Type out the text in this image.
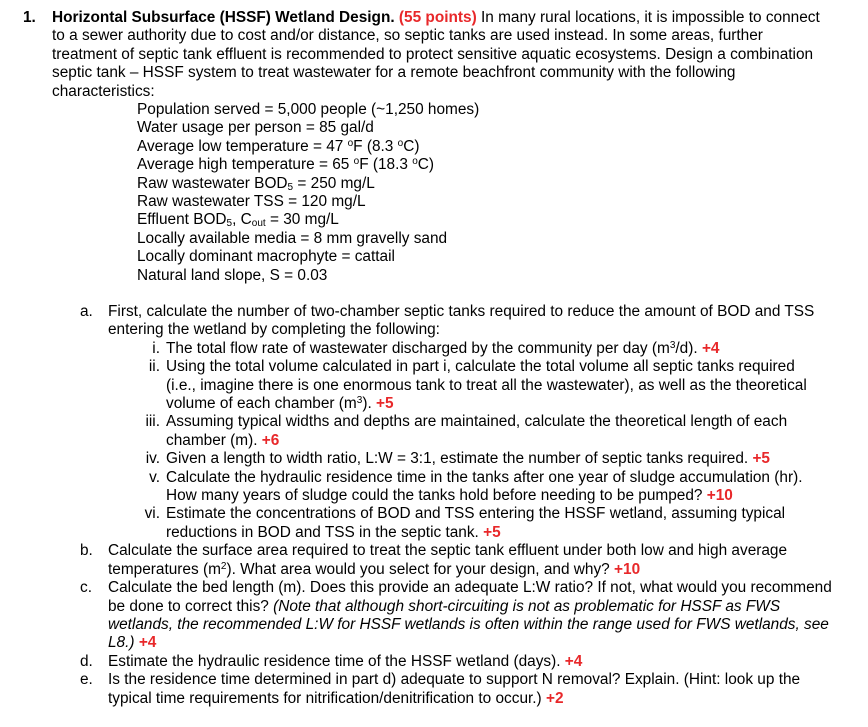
1. Horizontal Subsurface (HSSF) Wetland Design. (55 points) In many rural locations, it is impossible to connect to a sewer authority due to cost and/or distance, so septic tanks are used instead. In some areas, further treatment of septic tank effluent is recommended to protect sensitive aquatic ecosystems. Design a combination septic tank – HSSF system to treat wastewater for a remote beachfront community with the following characteristics:
Population served = 5,000 people (~1,250 homes)
Water usage per person = 85 gal/d
Average low temperature = 47 $^o$F (8.3 $^o$C)
Average high temperature = 65 $^o$F (18.3 $^o$C)
Raw wastewater $BOD_5 = 250$ mg/L
Raw wastewater TSS = 120 mg/L
Effluent $BOD_5$, $C_{out} = 30$ mg/L
Locally available media = 8 mm gravelly sand
Locally dominant macrophyte = cattail
Natural land slope, S = 0.03
a. First, calculate the number of two-chamber septic tanks required to reduce the amount of BOD and TSS entering the wetland by completing the following:
i. The total flow rate of wastewater discharged by the community per day $(m^3/d)$. +4
ii. Using the total volume calculated in part i, calculate the total volume all septic tanks required (i.e., imagine there is one enormous tank to treat all the wastewater), as well as the theoretical volume of each chamber $(m^3)$. +5
iii. Assuming typical widths and depths are maintained, calculate the theoretical length of each chamber (m). +6
iv. Given a length to width ratio, L:W = 3:1, estimate the number of septic tanks required. +5
v. Calculate the hydraulic residence time in the tanks after one year of sludge accumulation (hr). How many years of sludge could the tanks hold before needing to be pumped? +10
vi. Estimate the concentrations of BOD and TSS entering the HSSF wetland, assuming typical reductions in BOD and TSS in the septic tank. +5
b. Calculate the surface area required to treat the septic tank effluent under both low and high average temperatures $(m^2)$. What area would you select for your design, and why? +10
c.	Calculate the bed length (m). Does this provide an adequate L:W ratio? If not, what would you recommend be done to correct this? (Note that although short-circuiting is not as problematic for HSSF as FWS wetlands, the recommended L:W for HSSF wetlands is often within the range used for FWS wetlands, see L8.) +4
d. Estimate the hydraulic residence time of the HSSF wetland (days). +4
e. Is the residence time determined in part d) adequate to support N removal? Explain. (Hint: look up the typical time requirements for nitrification/denitrification to occur.) +2
